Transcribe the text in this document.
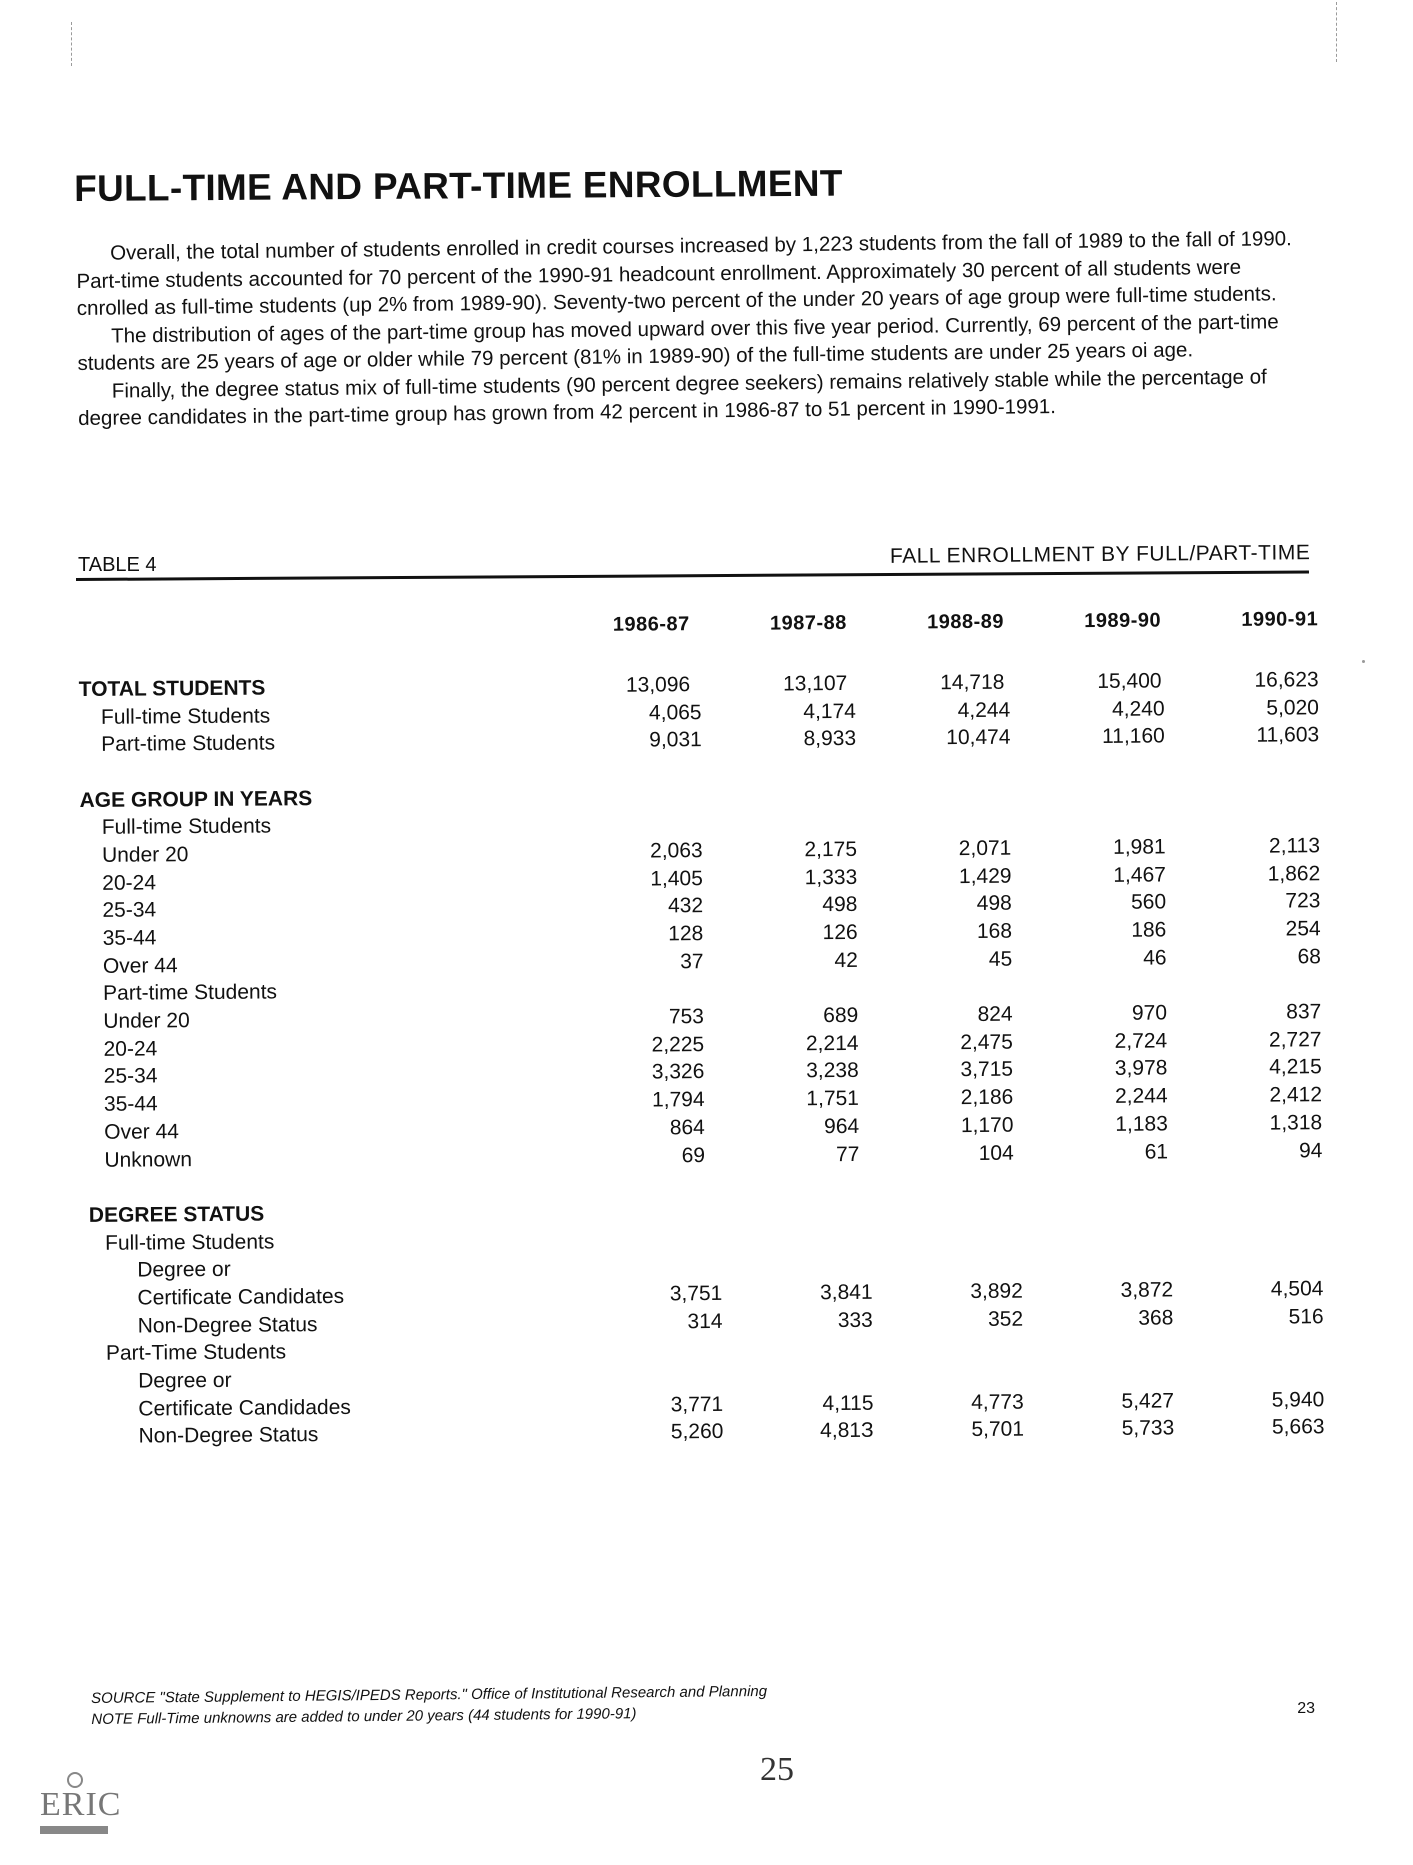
FULL-TIME AND PART-TIME ENROLLMENT

Overall, the total number of students enrolled in credit courses increased by 1,223 students from the fall of 1989 to the fall of 1990. Part-time students accounted for 70 percent of the 1990-91 headcount enrollment. Approximately 30 percent of all students were cnrolled as full-time students (up 2% from 1989-90). Seventy-two percent of the under 20 years of age group were full-time students.

The distribution of ages of the part-time group has moved upward over this five year period. Currently, 69 percent of the part-timе students are 25 years of age or older while 79 percent (81% in 1989-90) of the full-time students are under 25 years oi age.

Finally, the degree status mix of full-time students (90 percent degree seekers) remains relatively stable while the percentage of degree candidates in the part-time group has grown from 42 percent in 1986-87 to 51 percent in 1990-1991.

TABLE 4	FALL ENROLLMENT BY FULL/PART-TIME
1986-87	1987-88	1988-89	1989-90	1990-91
TOTAL STUDENTS	13,096	13,107	14,718	15,400	16,623
Full-time Students	4,065	4,174	4,244	4,240	5,020
Part-time Students	9,031	8,933	10,474	11,160	11,603
AGE GROUP IN YEARS
Full-time Students
Under 20	2,063	2,175	2,071	1,981	2,113
20-24	1,405	1,333	1,429	1,467	1,862
25-34	432	498	498	560	723
35-44	128	126	168	186	254
Over 44	37	42	45	46	68
Part-time Students
Under 20	753	689	824	970	837
20-24	2,225	2,214	2,475	2,724	2,727
25-34	3,326	3,238	3,715	3,978	4,215
35-44	1,794	1,751	2,186	2,244	2,412
Over 44	864	964	1,170	1,183	1,318
Unknown	69	77	104	61	94
DEGREE STATUS
Full-time Students
Degree or
Certificate Candidates	3,751	3,841	3,892	3,872	4,504
Non-Degree Status	314	333	352	368	516
Part-Time Students
Degree or
Certificate Candidades	3,771	4,115	4,773	5,427	5,940
Non-Degree Status	5,260	4,81З	5,701	5,733	5,663
SOURCE "State Supplement to HEGIS/IPEDS Reports." Office of Institutional Research and Planning
NOTE Full-Time unknowns are added to under 20 years (44 students for 1990-91)	23
25
ERIC
